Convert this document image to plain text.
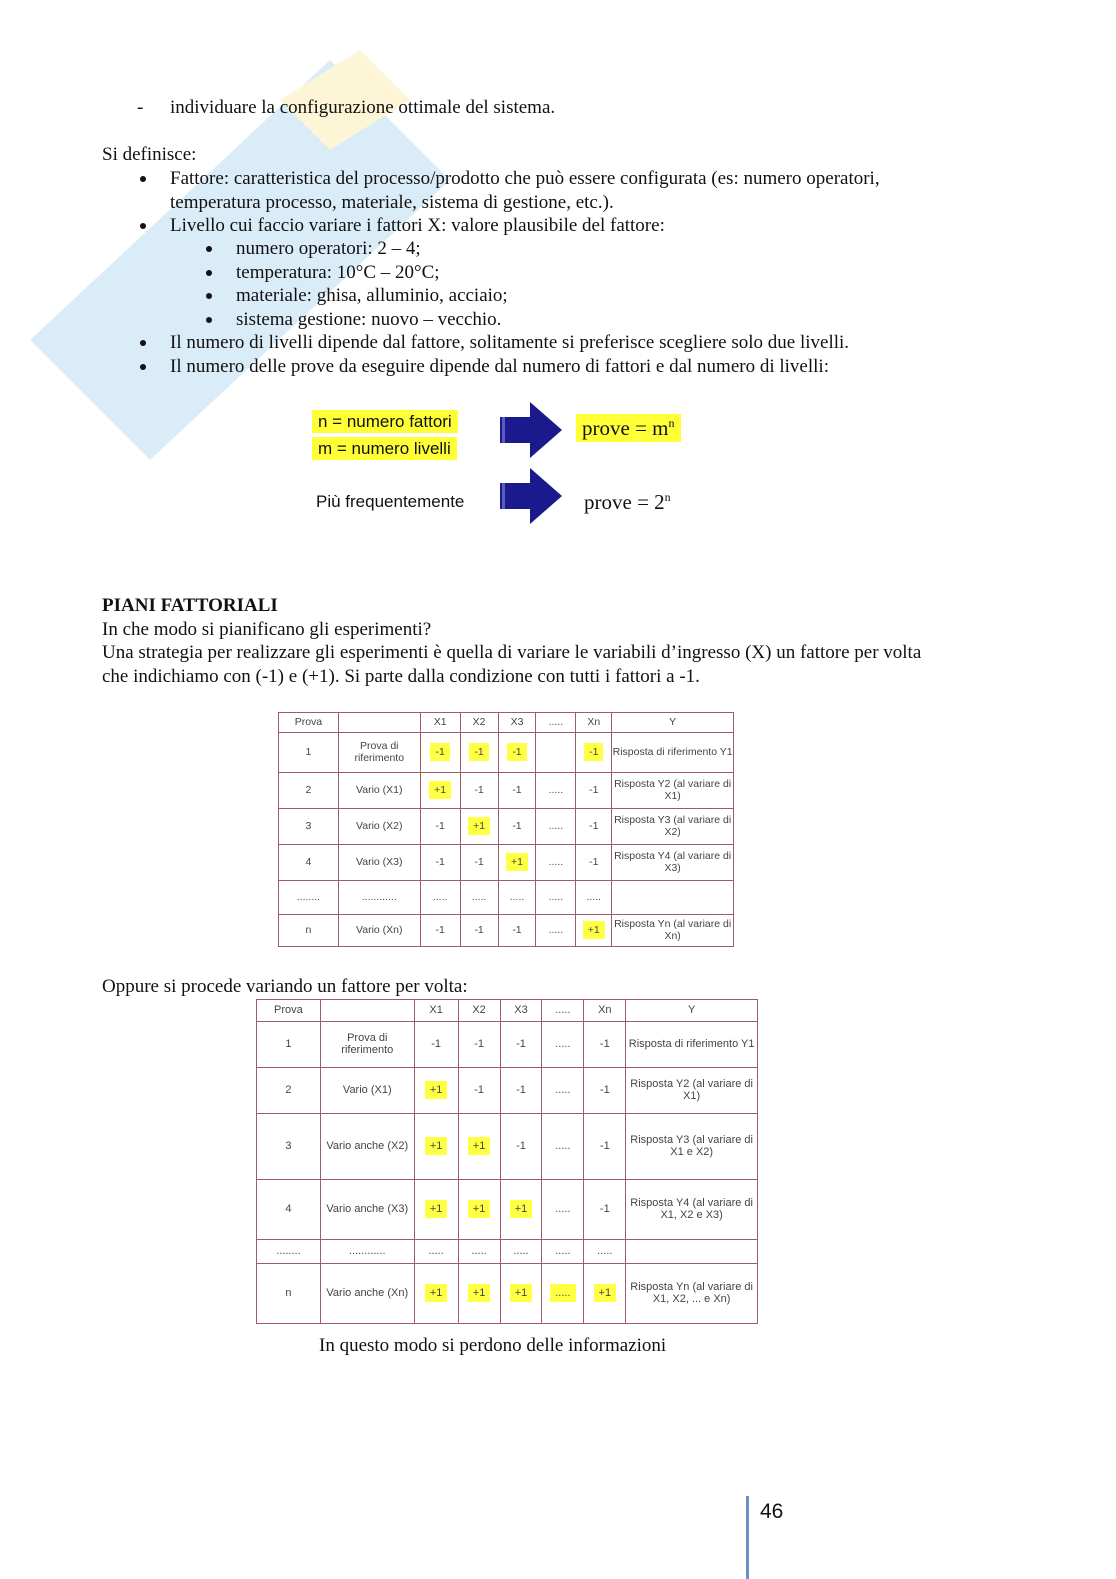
- individuare la configurazione ottimale del sistema.
Si definisce:
Fattore: caratteristica del processo/prodotto che può essere configurata (es: numero operatori, temperatura processo, materiale, sistema di gestione, etc.).
Livello cui faccio variare i fattori X: valore plausibile del fattore:
numero operatori: 2 – 4;
temperatura: 10°C – 20°C;
materiale: ghisa, alluminio, acciaio;
sistema gestione: nuovo – vecchio.
Il numero di livelli dipende dal fattore, solitamente si preferisce scegliere solo due livelli.
Il numero delle prove da eseguire dipende dal numero di fattori e dal numero di livelli:
n = numero fattori
m = numero livelli
prove = $m^n$
Più frequentemente	prove = $2^n$
PIANI FATTORIALI
In che modo si pianificano gli esperimenti?
Una strategia per realizzare gli esperimenti è quella di variare le variabili d’ingresso (X) un fattore per volta che indichiamo con (-1) e (+1). Si parte dalla condizione con tutti i fattori a -1.
Prova		X1	X2	X3	.....	Xn	Y
1	Prova di riferimento	-1	-1	-1		-1	Risposta di riferimento Y1
2	Vario (X1)	+1	-1	-1	.....	-1	Risposta Y2 (al variare di X1)
3	Vario (X2)	-1	+1	-1	.....	-1	Risposta Y3 (al variare di X2)
4	Vario (X3)	-1	-1	+1	.....	-1	Risposta Y4 (al variare di X3)
........	............	.....	.....	.....	.....	.....	
n	Vario (Xn)	-1	-1	-1	.....	+1	Risposta Yn (al variare di Xn)
Oppure si procede variando un fattore per volta:
Prova		X1	X2	X3	.....	Xn	Y
1	Prova di riferimento	-1	-1	-1	.....	-1	Risposta di riferimento Y1
2	Vario (X1)	+1	-1	-1	.....	-1	Risposta Y2 (al variare di X1)
3	Vario anche (X2)	+1	+1	-1	.....	-1	Risposta Y3 (al variare di X1 e X2)
4	Vario anche (X3)	+1	+1	+1	.....	-1	Risposta Y4 (al variare di X1, X2 e X3)
........	............	.....	.....	.....	.....	.....	
n	Vario anche (Xn)	+1	+1	+1	.....	+1	Risposta Yn (al variare di X1, X2, ... e Xn)
In questo modo si perdono delle informazioni
46
